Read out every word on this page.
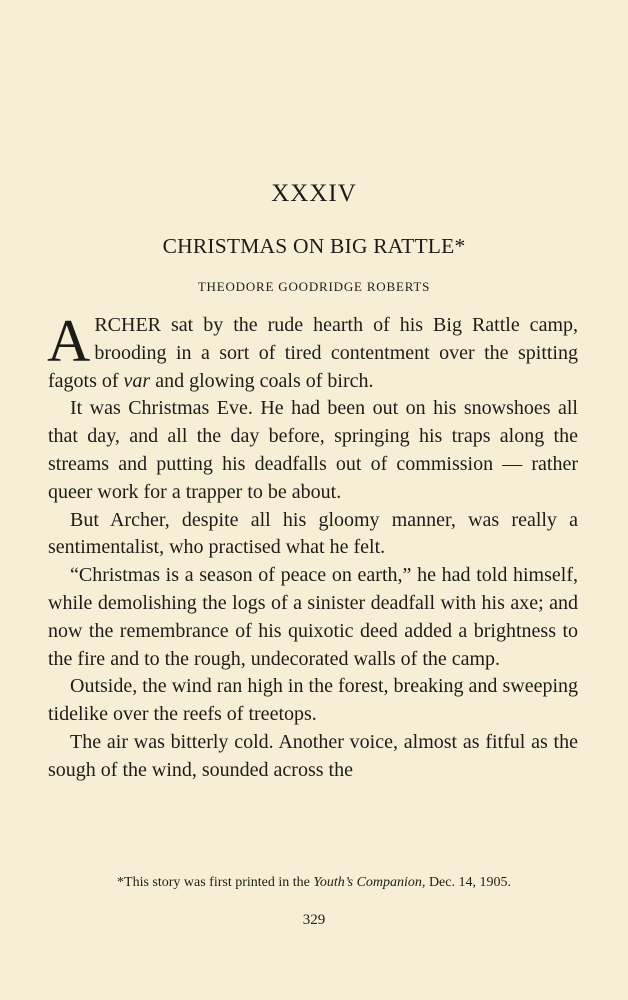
XXXIV
CHRISTMAS ON BIG RATTLE*
THEODORE GOODRIDGE ROBERTS

ARCHER sat by the rude hearth of his Big Rattle camp, brooding in a sort of tired contentment over the spitting fagots of var and glowing coals of birch.

It was Christmas Eve. He had been out on his snowshoes all that day, and all the day before, springing his traps along the streams and putting his deadfalls out of commission — rather queer work for a trapper to be about.

But Archer, despite all his gloomy manner, was really a sentimentalist, who practised what he felt.

“Christmas is a season of peace on earth,” he had told himself, while demolishing the logs of a sinister deadfall with his axe; and now the remembrance of his quixotic deed added a brightness to the fire and to the rough, undecorated walls of the camp.

Outside, the wind ran high in the forest, breaking and sweeping tidelike over the reefs of treetops.

The air was bitterly cold. Another voice, almost as fitful as the sough of the wind, sounded across the

*This story was first printed in the Youth’s Companion, Dec. 14, 1905.
329
